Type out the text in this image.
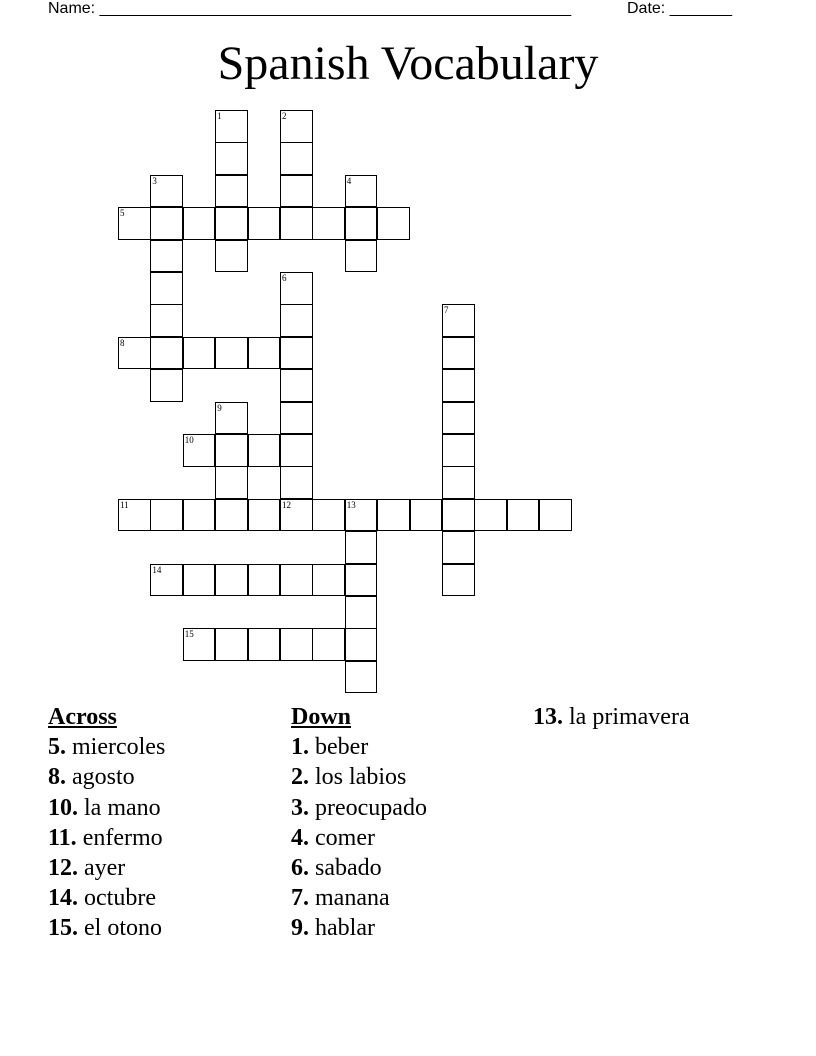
Name: _____________________________________________________	Date: _______
Spanish Vocabulary
1	2
3	4
5
6
12
7
8
9
10
11	13
14
15
Across
5. miercoles
8. agosto
10. la mano
11. enfermo
12. ayer
14. octubre
15. el otono
Down
1. beber
2. los labios
3. preocupado
4. comer
6. sabado
7. manana
9. hablar
13. la primavera
